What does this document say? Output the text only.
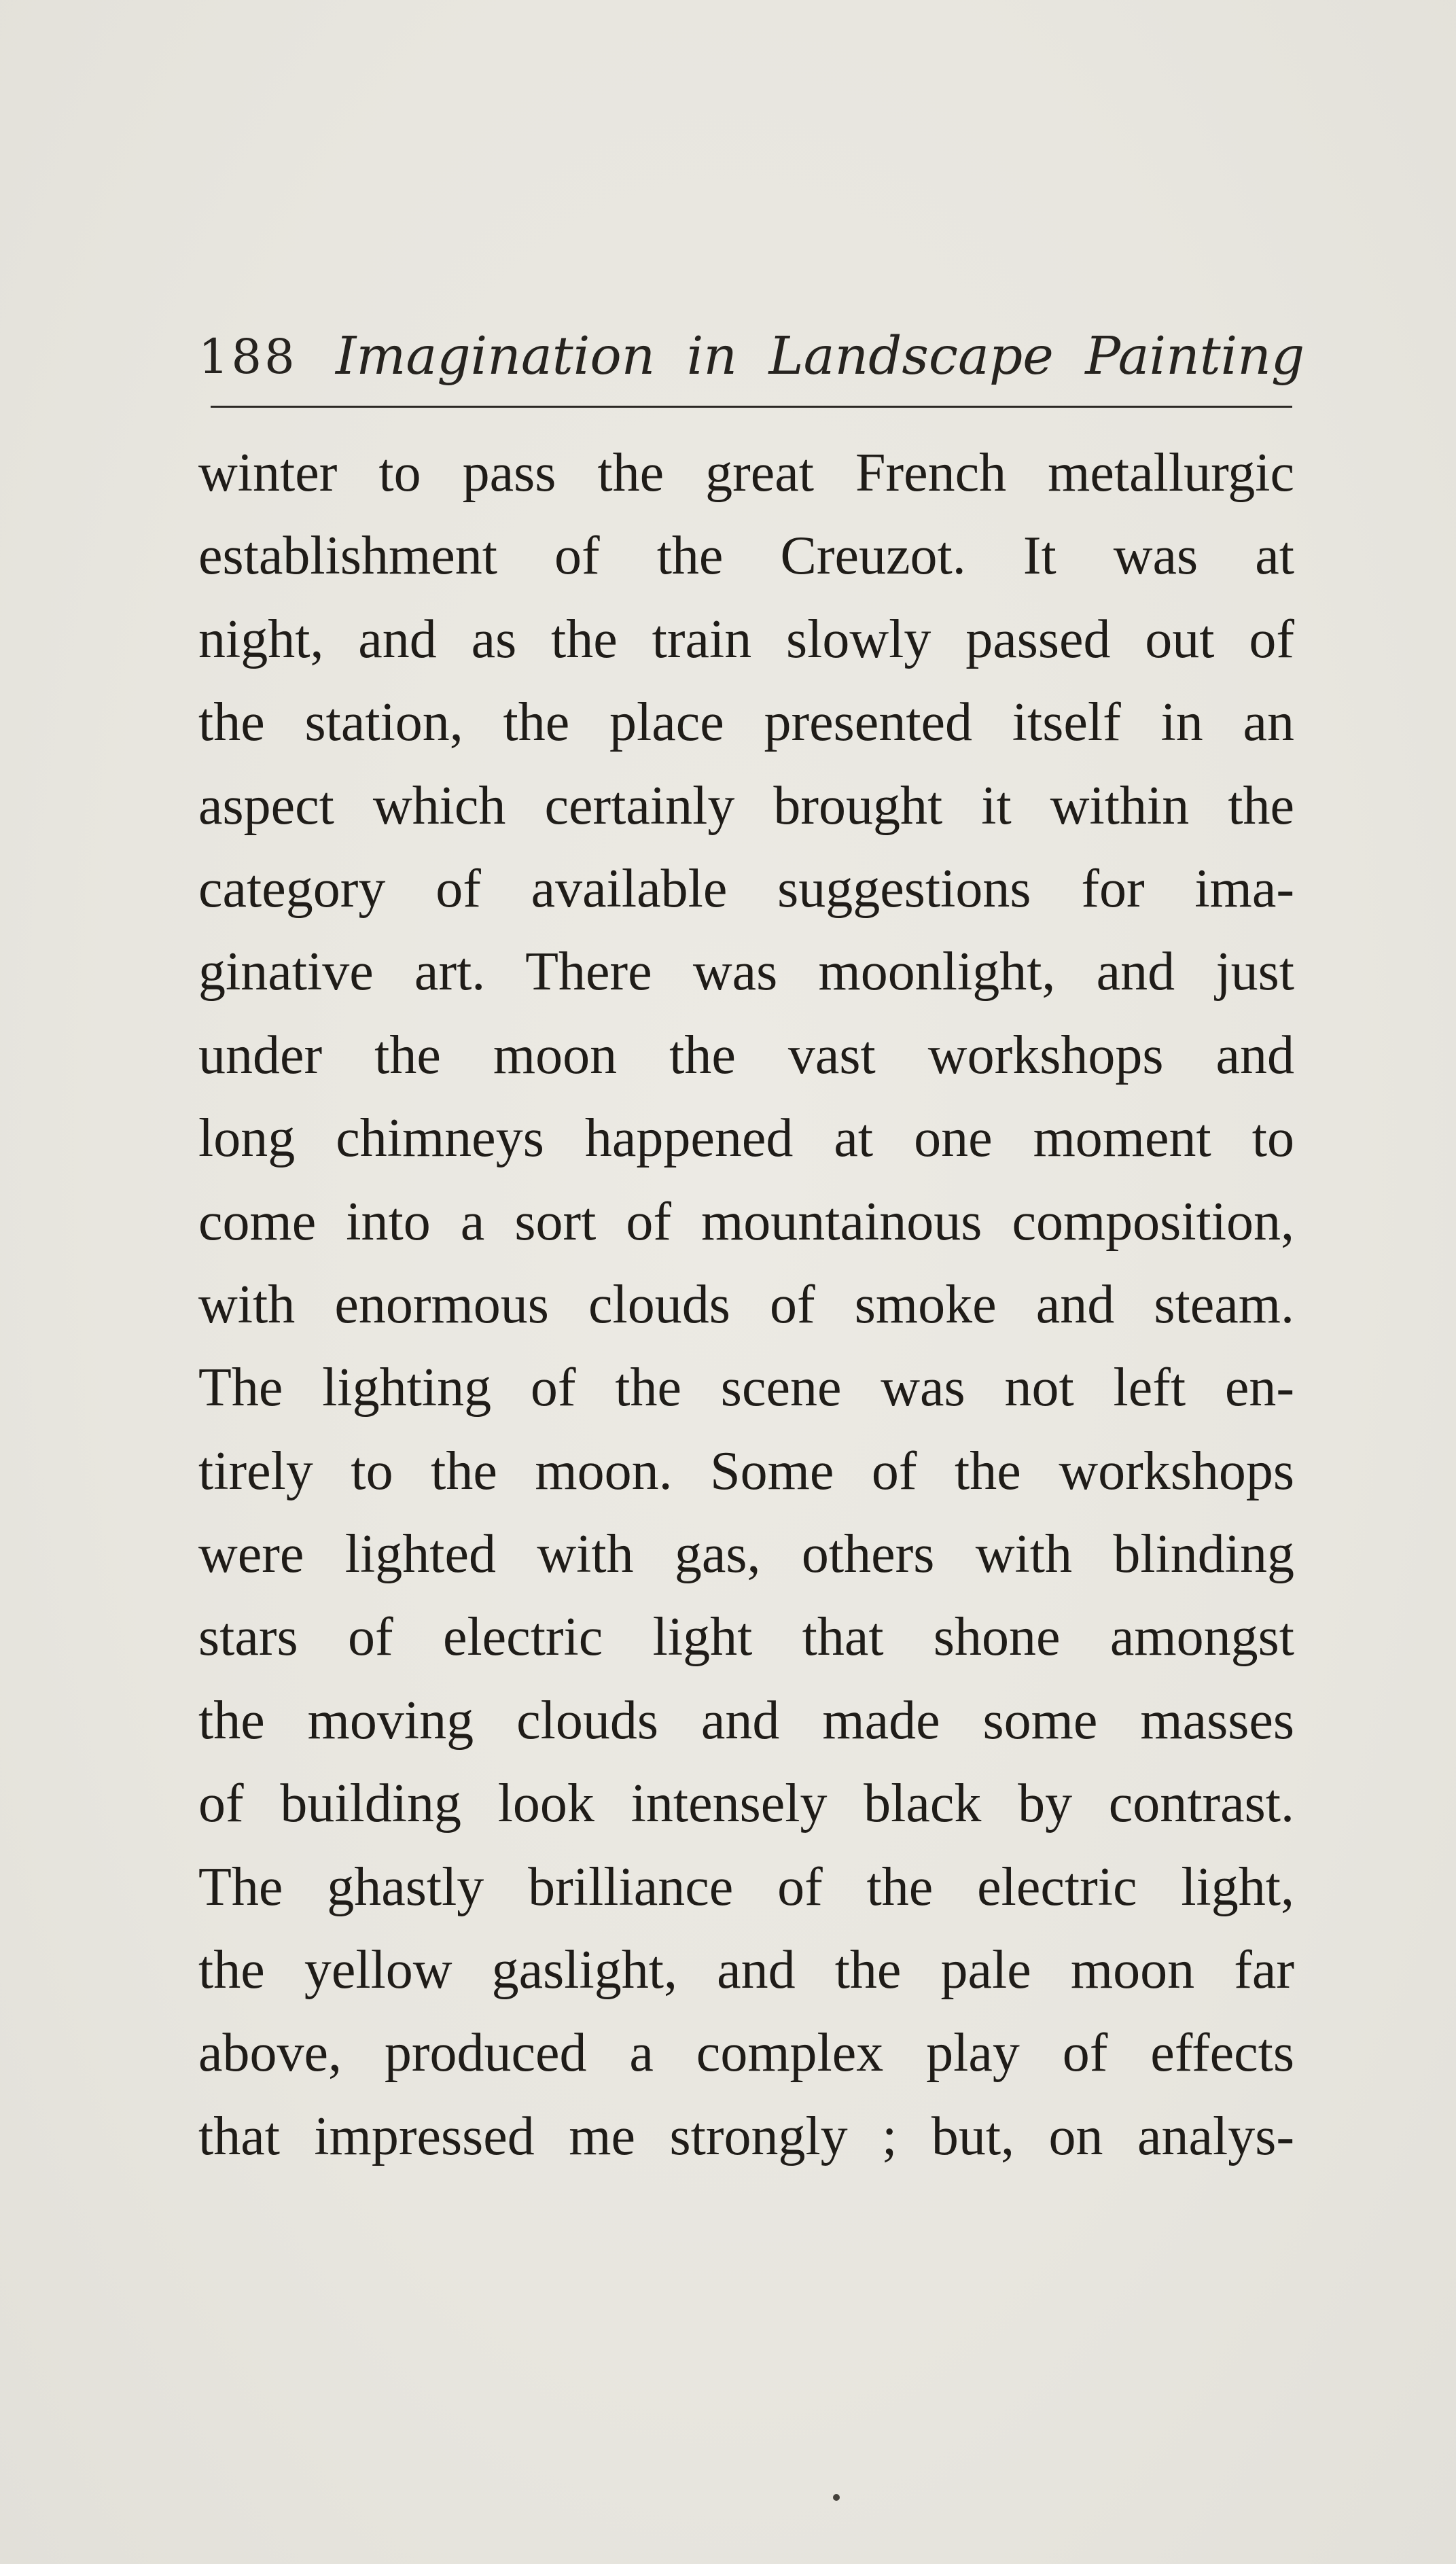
188 Imagination in Landscape Painting
winter to pass the great French metallurgic
establishment of the Creuzot. It was at
night, and as the train slowly passed out of
the station, the place presented itself in an
aspect which certainly brought it within the
category of available suggestions for ima-
ginative art. There was moonlight, and just
under the moon the vast workshops and
long chimneys happened at one moment to
come into a sort of mountainous composition,
with enormous clouds of smoke and steam.
The lighting of the scene was not left en-
tirely to the moon. Some of the workshops
were lighted with gas, others with blinding
stars of electric light that shone amongst
the moving clouds and made some masses
of building look intensely black by contrast.
The ghastly brilliance of the electric light,
the yellow gaslight, and the pale moon far
above, produced a complex play of effects
that impressed me strongly ; but, on analys-
